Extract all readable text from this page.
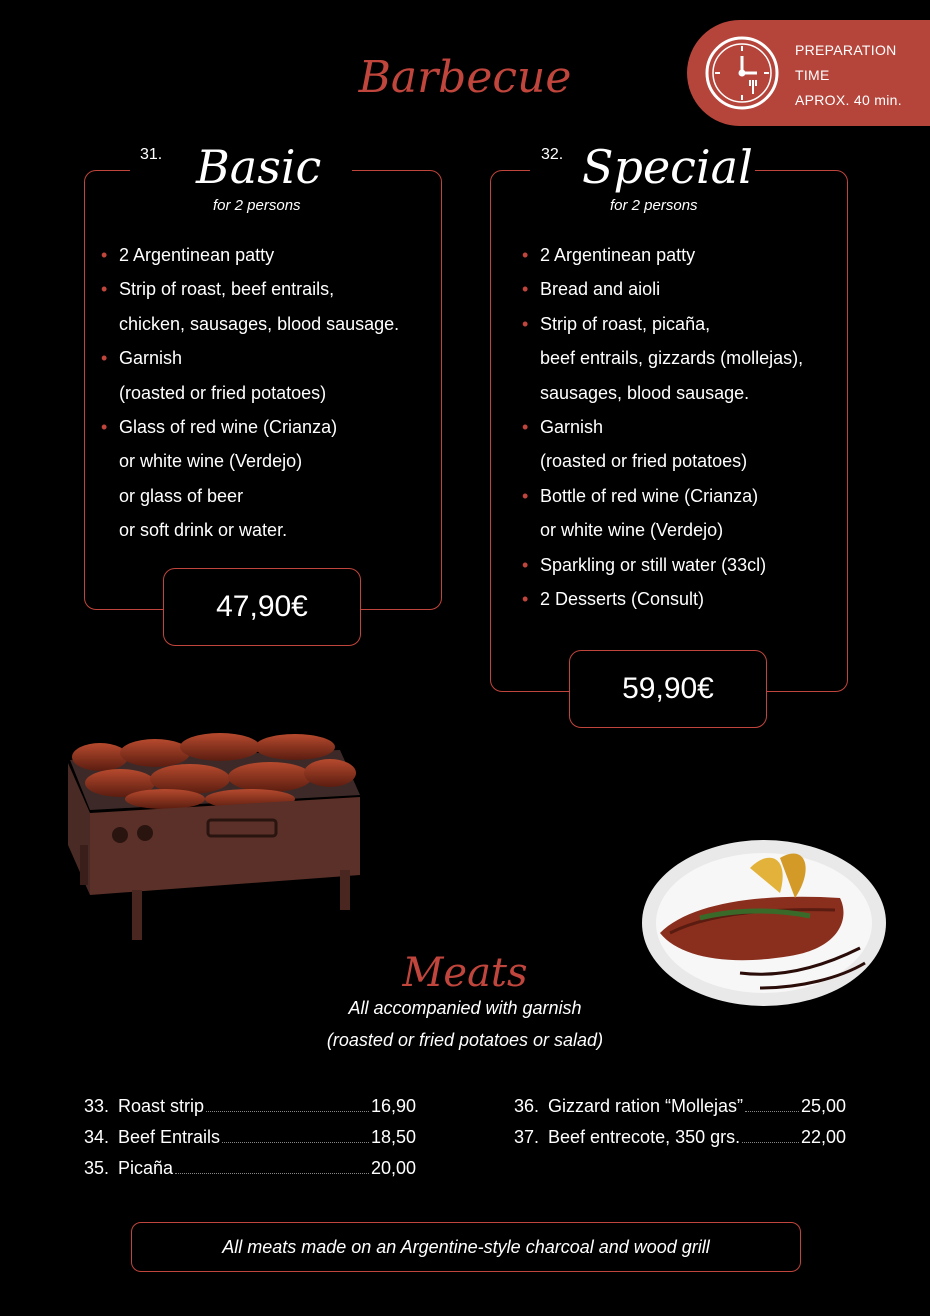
PREPARATION
TIME
APROX. 40 min.
Barbecue
31. Basic
for 2 persons
• 2 Argentinean patty
• Strip of roast, beef entrails,
chicken, sausages, blood sausage.
• Garnish
(roasted or fried potatoes)
• Glass of red wine (Crianza)
or white wine (Verdejo)
or glass of beer
or soft drink or water.
47,90€
32. Special
for 2 persons
• 2 Argentinean patty
• Bread and aioli
• Strip of roast, picaña,
beef entrails, gizzards (mollejas),
sausages, blood sausage.
• Garnish
(roasted or fried potatoes)
• Bottle of red wine (Crianza)
or white wine (Verdejo)
• Sparkling or still water (33cl)
• 2 Desserts (Consult)
59,90€
Meats
All accompanied with garnish
(roasted or fried potatoes or salad)
33. Roast strip	16,90
34. Beef Entrails	18,50
35. Picaña	20,00
36. Gizzard ration “Mollejas”	25,00
37. Beef entrecote, 350 grs.	22,00
All meats made on an Argentine-style charcoal and wood grill
